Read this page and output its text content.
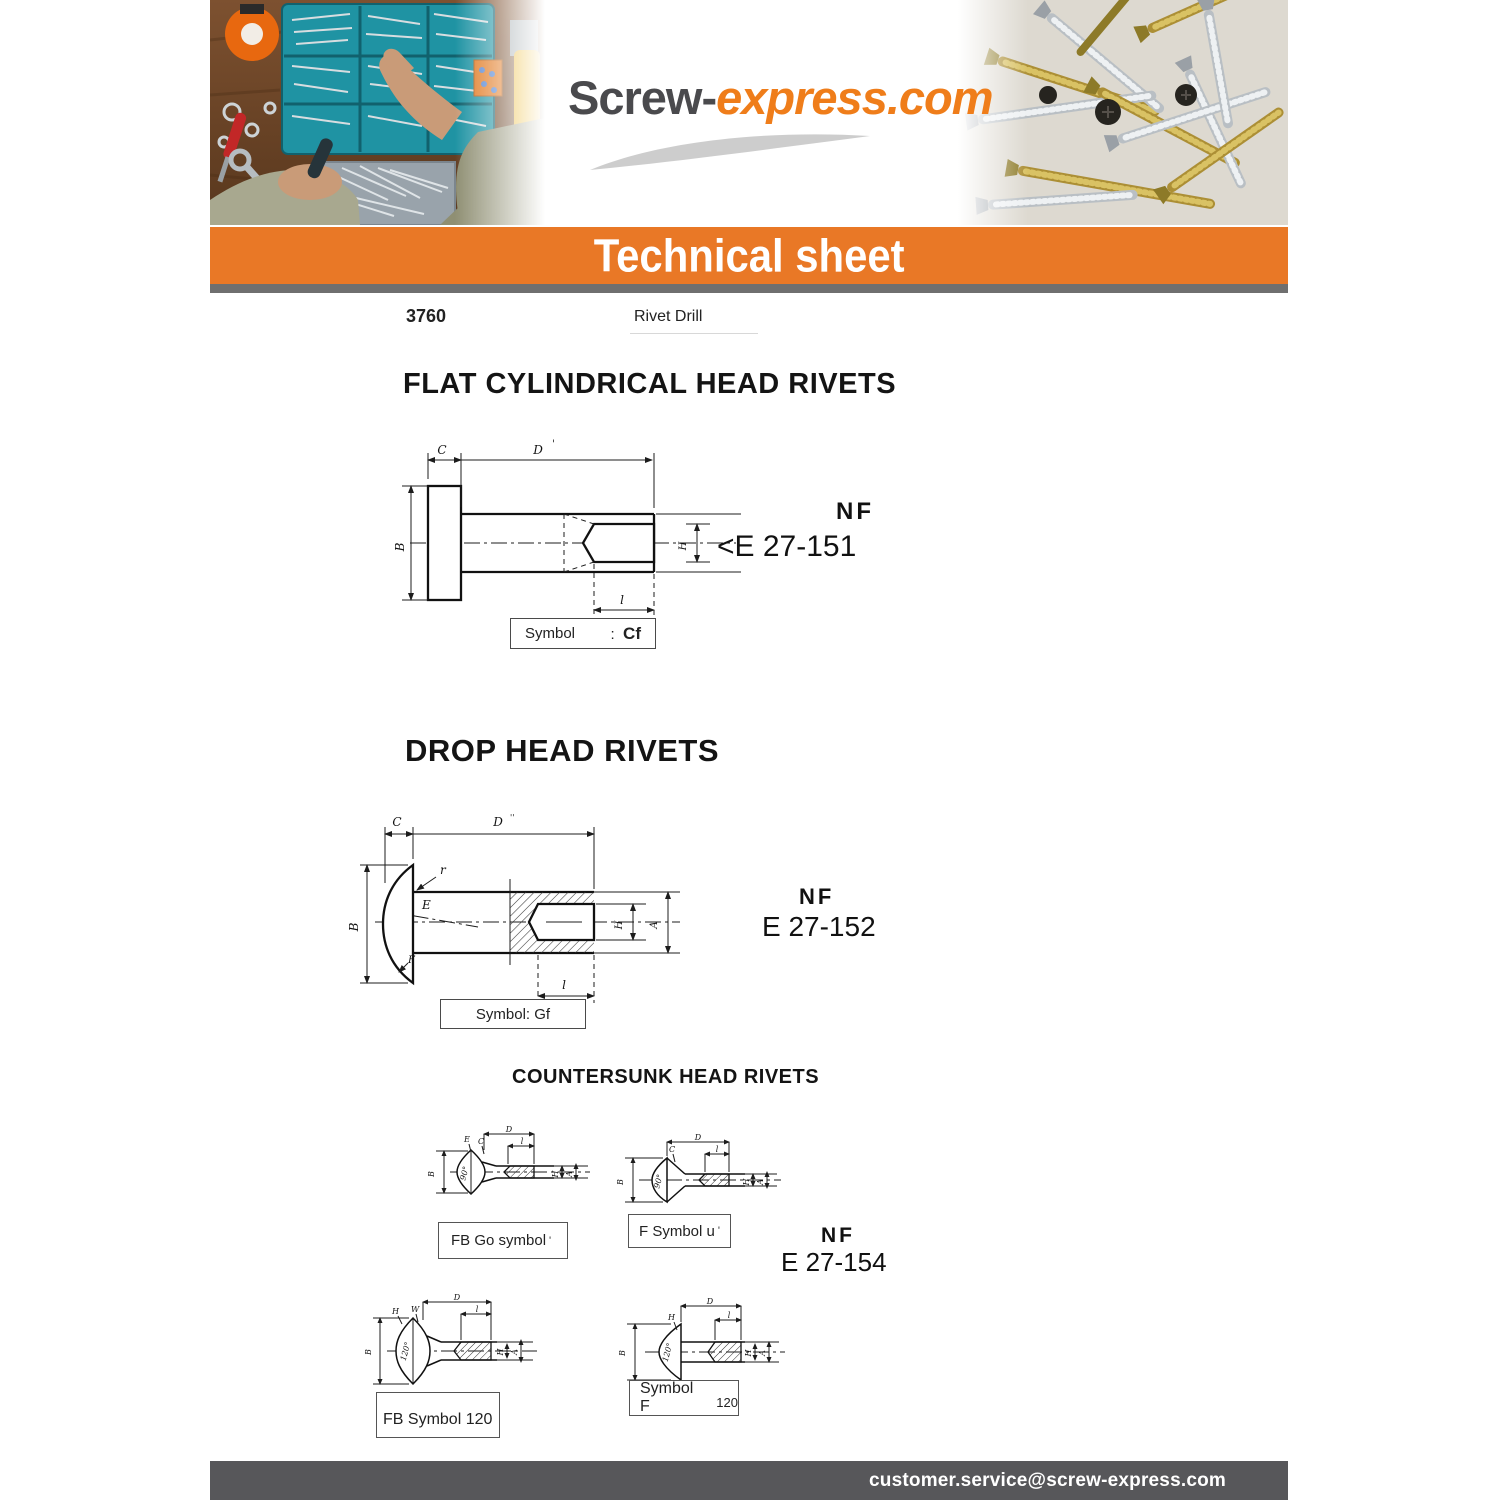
Screw-express.com
Technical sheet
3760	Rivet Drill
FLAT CYLINDRICAL HEAD RIVETS
C	D '
B	H
l
NF
<E 27-151
Symbol : Cf
DROP HEAD RIVETS
C	D ''
B
r
E
F
H A
l
NF
E 27-152
Symbol: Gf
COUNTERSUNK HEAD RIVETS
E C
D
l
B	90°	H A
FB Go symbol '
C
D
l
B	90°	H A
F Symbol u '	NF
E 27-154
H W
D
l
B	120°	H A
FB Symbol 120
H
D
l
B	120°	H A
Symbol F	120
customer.service@screw-express.com
